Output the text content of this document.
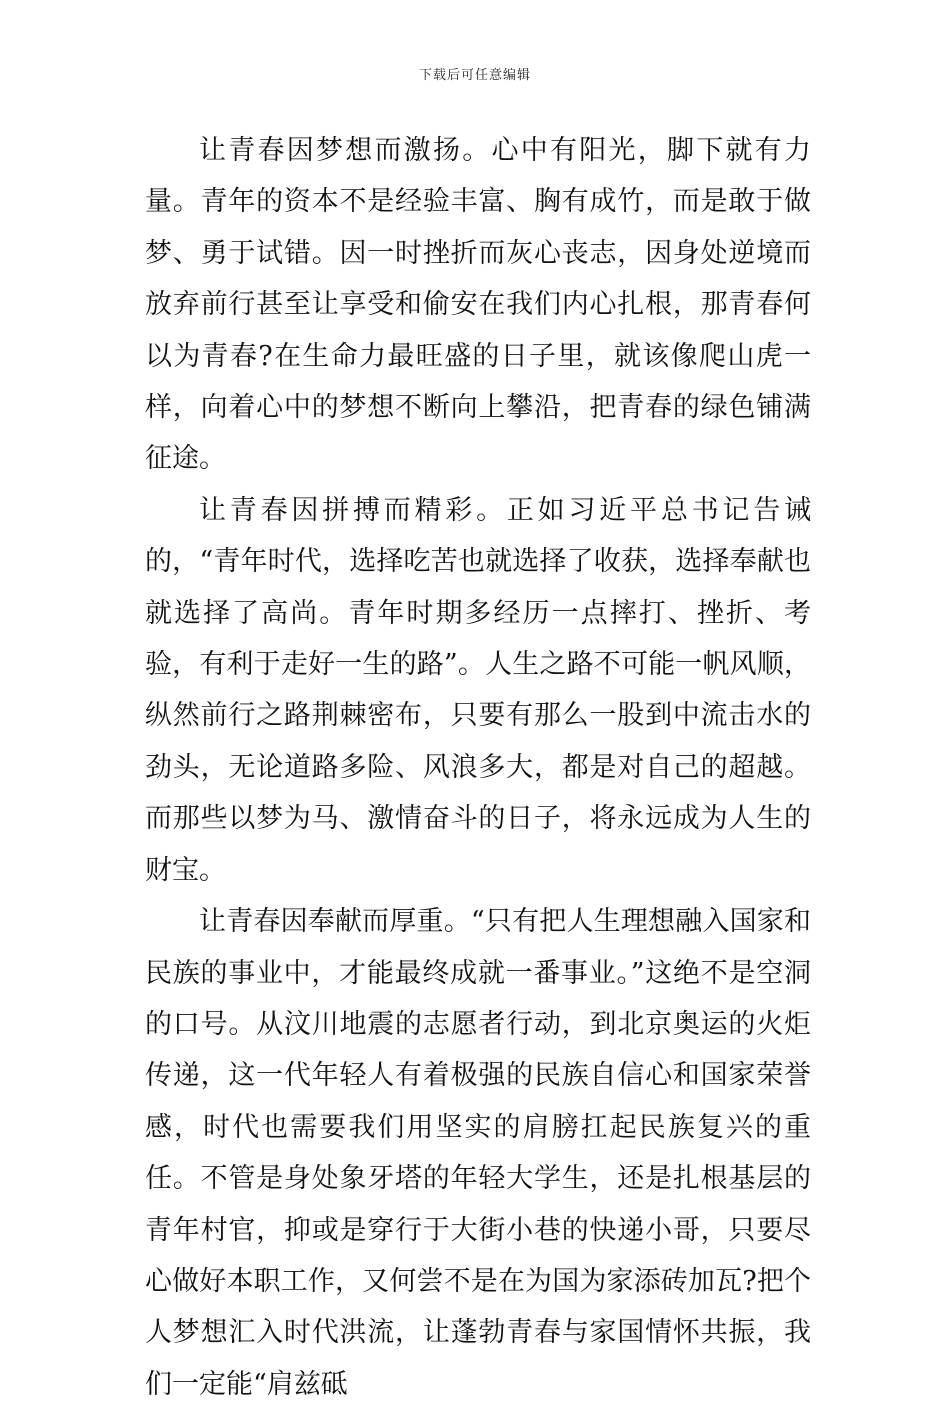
下载后可任意编辑

让青春因梦想而激扬。心中有阳光，脚下就有力量。青年的资本不是经验丰富、胸有成竹，而是敢于做梦、勇于试错。因一时挫折而灰心丧志，因身处逆境而放弃前行甚至让享受和偷安在我们内心扎根，那青春何以为青春?在生命力最旺盛的日子里，就该像爬山虎一样，向着心中的梦想不断向上攀沿，把青春的绿色铺满征途。

让青春因拼搏而精彩。正如习近平总书记告诫的，“青年时代，选择吃苦也就选择了收获，选择奉献也就选择了高尚。青年时期多经历一点摔打、挫折、考验，有利于走好一生的路”。人生之路不可能一帆风顺，纵然前行之路荆棘密布，只要有那么一股到中流击水的劲头，无论道路多险、风浪多大，都是对自己的超越。而那些以梦为马、激情奋斗的日子，将永远成为人生的财宝。

让青春因奉献而厚重。“只有把人生理想融入国家和民族的事业中，才能最终成就一番事业。”这绝不是空洞的口号。从汶川地震的志愿者行动，到北京奥运的火炬传递，这一代年轻人有着极强的民族自信心和国家荣誉感，时代也需要我们用坚实的肩膀扛起民族复兴的重任。不管是身处象牙塔的年轻大学生，还是扎根基层的青年村官，抑或是穿行于大街小巷的快递小哥，只要尽心做好本职工作，又何尝不是在为国为家添砖加瓦?把个人梦想汇入时代洪流，让蓬勃青春与家国情怀共振，我们一定能“肩兹砥
